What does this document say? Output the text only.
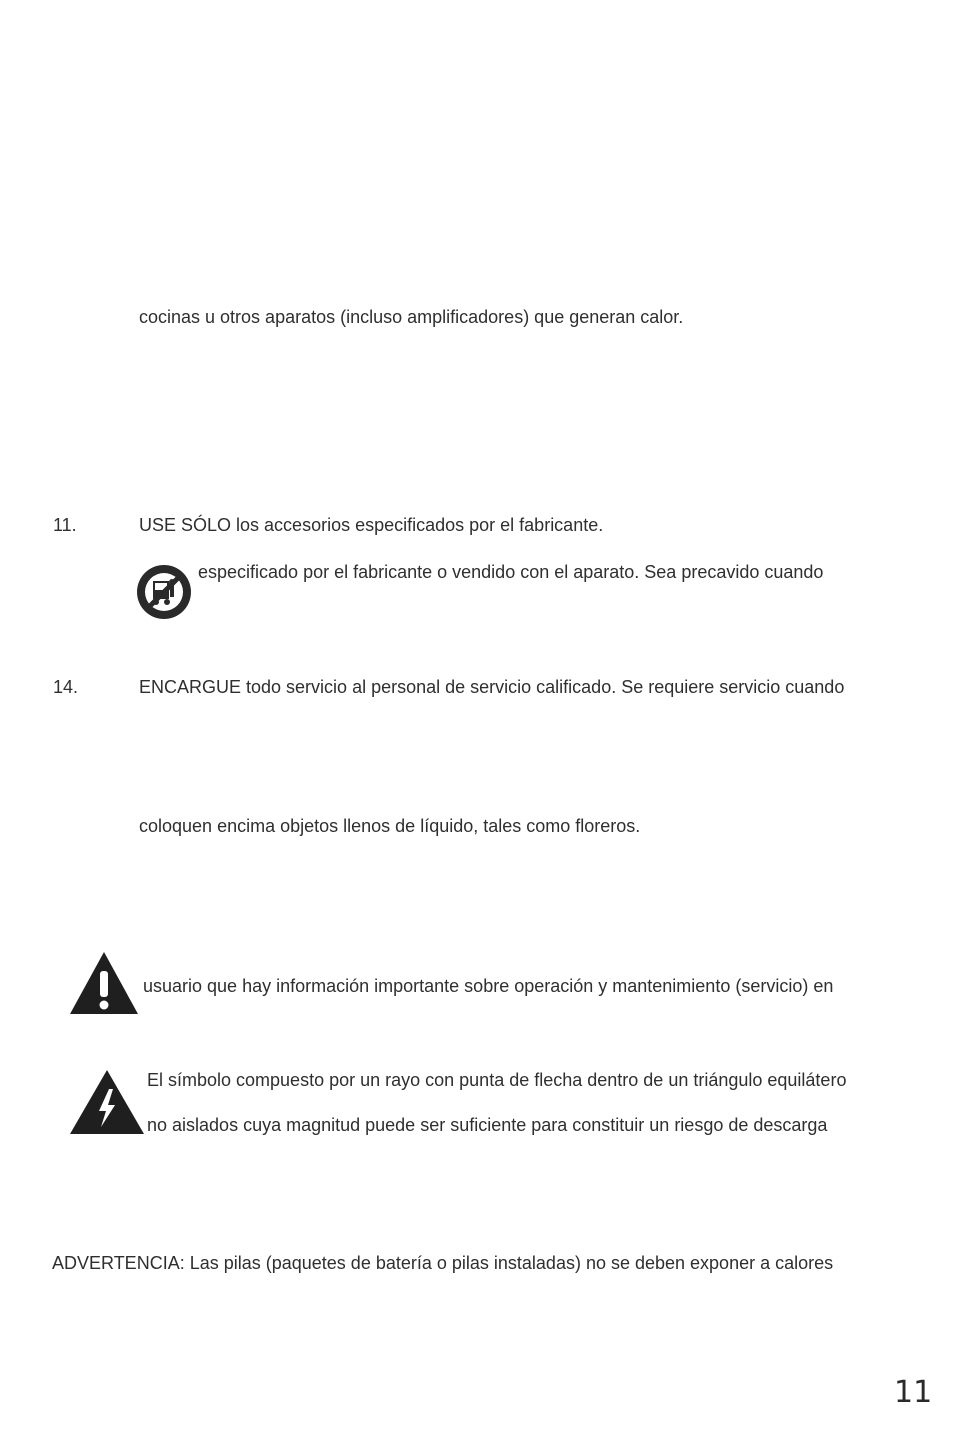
cocinas u otros aparatos (incluso amplificadores) que generan calor.
11.	USE SÓLO los accesorios especificados por el fabricante.
especificado por el fabricante o vendido con el aparato. Sea precavido cuando
14.	ENCARGUE todo servicio al personal de servicio calificado. Se requiere servicio cuando
coloquen encima objetos llenos de líquido, tales como floreros.
usuario que hay información importante sobre operación y mantenimiento (servicio) en
El símbolo compuesto por un rayo con punta de flecha dentro de un triángulo equilátero
no aislados cuya magnitud puede ser suficiente para constituir un riesgo de descarga
ADVERTENCIA: Las pilas (paquetes de batería o pilas instaladas) no se deben exponer a calores
11
